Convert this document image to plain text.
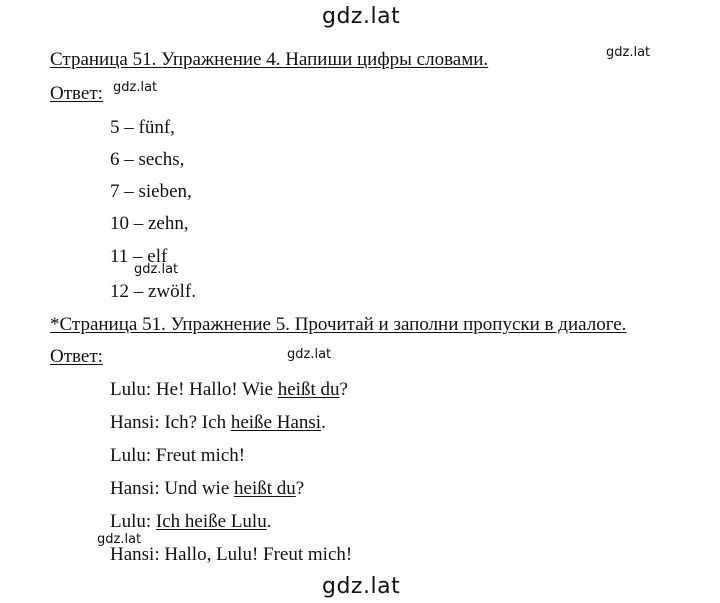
gdz.lat
gdz.lat
gdz.lat
gdz.lat
gdz.lat
gdz.lat
gdz.lat
Страница 51. Упражнение 4. Напиши цифры словами.
Ответ:
5 – fünf,
6 – sechs,
7 – sieben,
10 – zehn,
11 – elf
12 – zwölf.
*Страница 51. Упражнение 5. Прочитай и заполни пропуски в диалоге.
Ответ:
Lulu: He! Hallo! Wie heißt du?
Hansi: Ich? Ich heiße Hansi.
Lulu: Freut mich!
Hansi: Und wie heißt du?
Lulu: Ich heiße Lulu.
Hansi: Hallo, Lulu! Freut mich!
